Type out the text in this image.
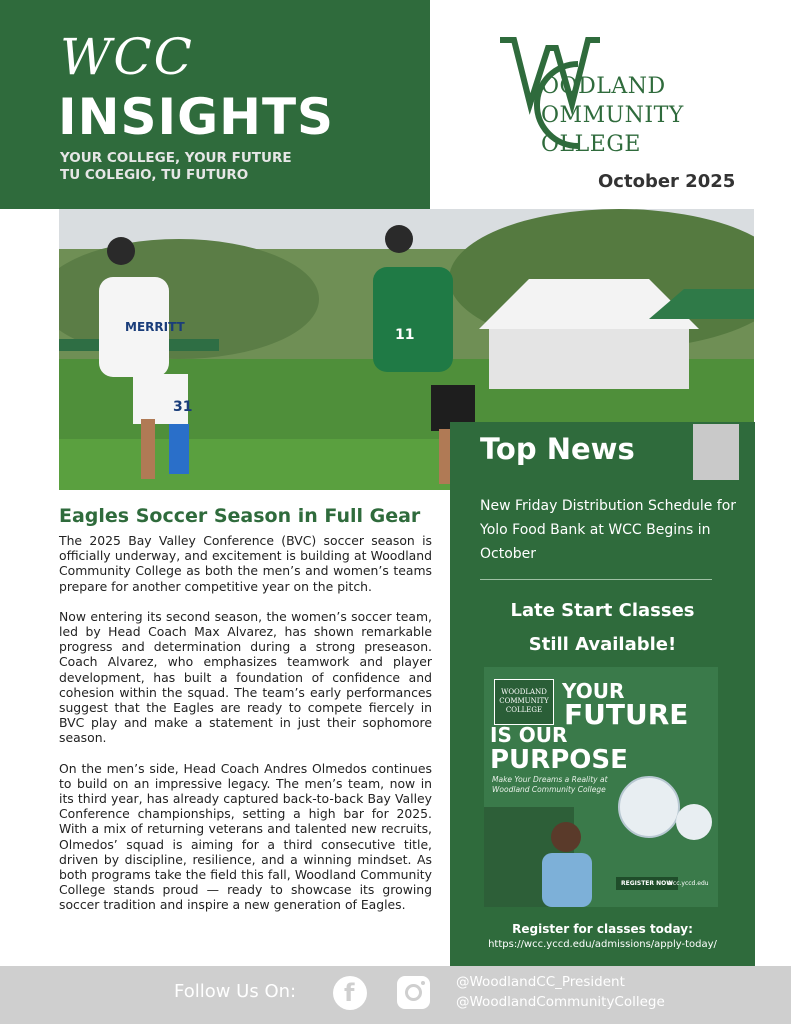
WCC
INSIGHTS
YOUR COLLEGE, YOUR FUTURE
TU COLEGIO, TU FUTURO
OODLAND
OMMUNITY
OLLEGE
October 2025
MERRITT
31
11
Eagles Soccer Season in Full Gear

The 2025 Bay Valley Conference (BVC) soccer season is officially underway, and excitement is building at Woodland Community College as both the men’s and women’s teams prepare for another competitive year on the pitch.

Now entering its second season, the women’s soccer team, led by Head Coach Max Alvarez, has shown remarkable progress and determination during a strong preseason. Coach Alvarez, who emphasizes teamwork and player development, has built a foundation of confidence and cohesion within the squad. The team’s early performances suggest that the Eagles are ready to compete fiercely in BVC play and make a statement in just their sophomore season.

On the men’s side, Head Coach Andres Olmedos continues to build on an impressive legacy. The men’s team, now in its third year, has already captured back-to-back Bay Valley Conference championships, setting a high bar for 2025. With a mix of returning veterans and talented new recruits, Olmedos’ squad is aiming for a third consecutive title, driven by discipline, resilience, and a winning mindset. As both programs take the field this fall, Woodland Community College stands proud — ready to showcase its growing soccer tradition and inspire a new generation of Eagles.

Top News
New Friday Distribution Schedule for Yolo Food Bank at WCC Begins in October
Late Start Classes
Still Available!
WOODLAND COMMUNITY COLLEGE
YOUR
FUTURE
IS OUR
PURPOSE
Make Your Dreams a Reality at
Woodland Community College
REGISTER NOW
wcc.yccd.edu
Register for classes today:
https://wcc.yccd.edu/admissions/apply-today/
Follow Us On: f	@WoodlandCC_President
@WoodlandCommunityCollege
